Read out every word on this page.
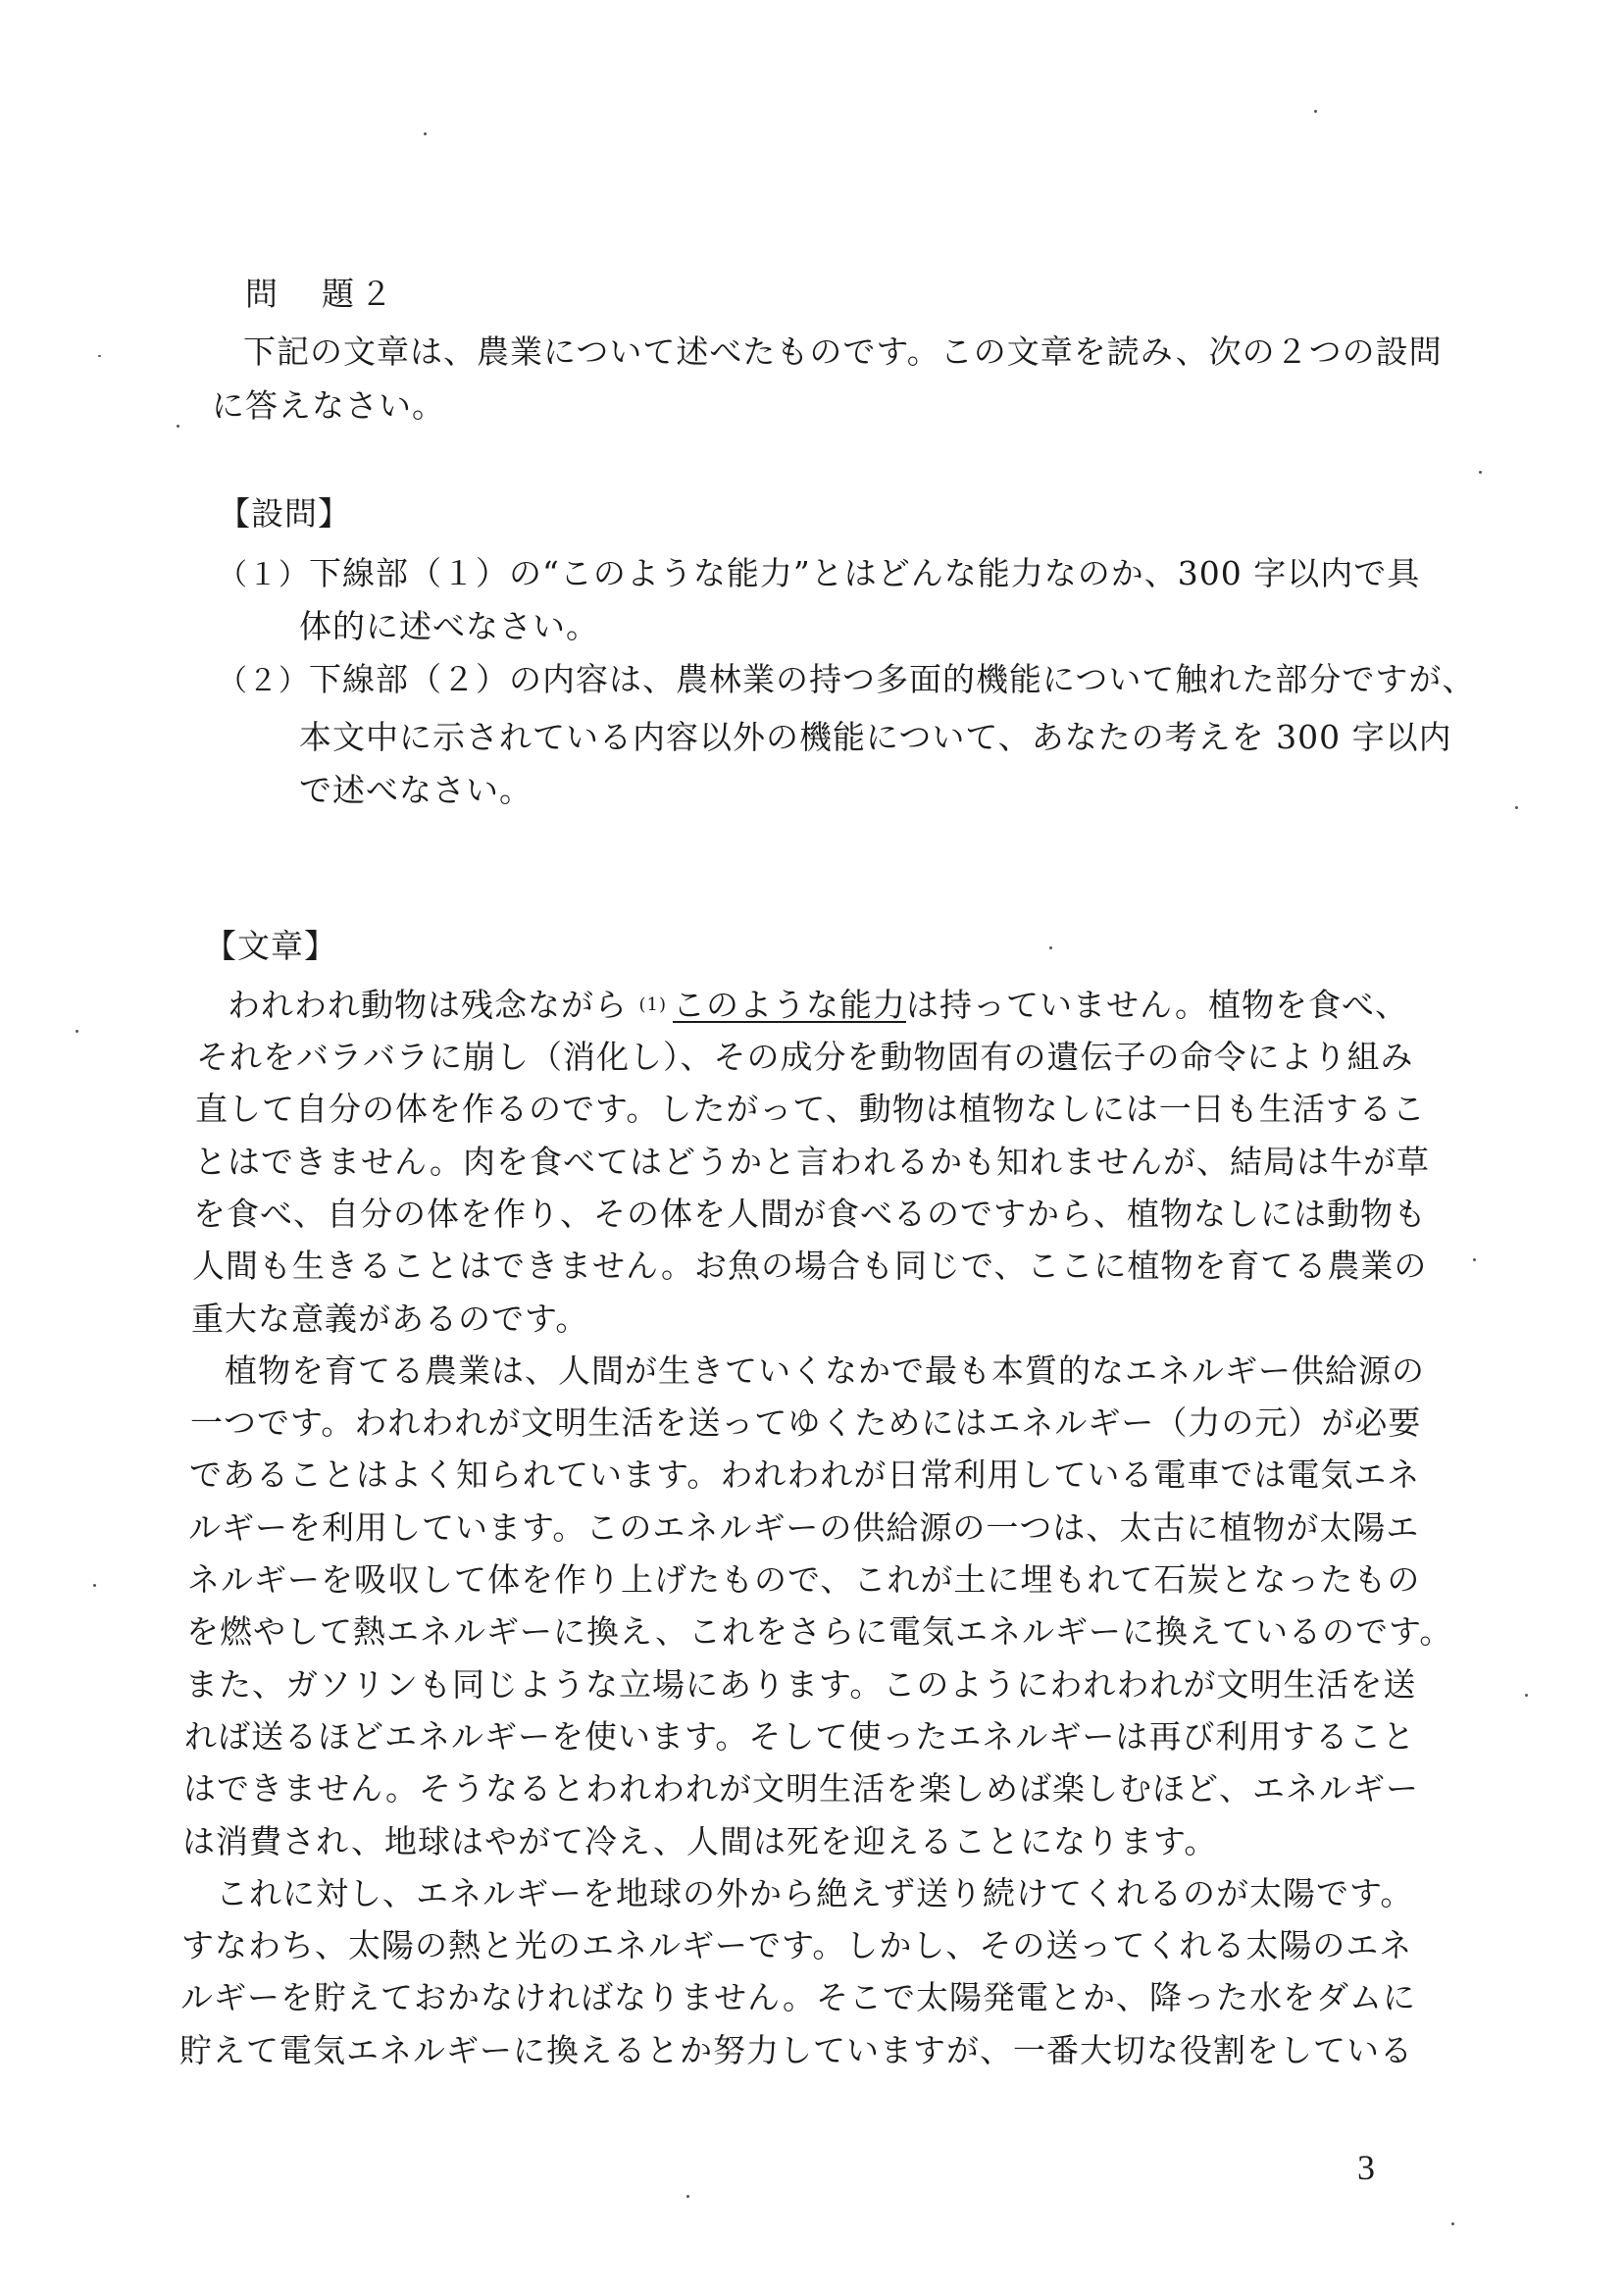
問　題２
下記の文章は、農業について述べたものです。この文章を読み、次の２つの設問
に答えなさい。
【設問】
（１）下線部（１）の“このような能力”とはどんな能力なのか、300 字以内で具
体的に述べなさい。
（２）下線部（２）の内容は、農林業の持つ多面的機能について触れた部分ですが、
本文中に示されている内容以外の機能について、あなたの考えを 300 字以内
で述べなさい。
【文章】
われわれ動物は残念ながら (1) このような能力は持っていません。植物を食べ、
それをバラバラに崩し（消化し）、その成分を動物固有の遺伝子の命令により組み
直して自分の体を作るのです。したがって、動物は植物なしには一日も生活するこ
とはできません。肉を食べてはどうかと言われるかも知れませんが、結局は牛が草
を食べ、自分の体を作り、その体を人間が食べるのですから、植物なしには動物も
人間も生きることはできません。お魚の場合も同じで、ここに植物を育てる農業の
重大な意義があるのです。
　植物を育てる農業は、人間が生きていくなかで最も本質的なエネルギー供給源の
一つです。われわれが文明生活を送ってゆくためにはエネルギー（力の元）が必要
であることはよく知られています。われわれが日常利用している電車では電気エネ
ルギーを利用しています。このエネルギーの供給源の一つは、太古に植物が太陽エ
ネルギーを吸収して体を作り上げたもので、これが土に埋もれて石炭となったもの
を燃やして熱エネルギーに換え、これをさらに電気エネルギーに換えているのです。
また、ガソリンも同じような立場にあります。このようにわれわれが文明生活を送
れば送るほどエネルギーを使います。そして使ったエネルギーは再び利用すること
はできません。そうなるとわれわれが文明生活を楽しめば楽しむほど、エネルギー
は消費され、地球はやがて冷え、人間は死を迎えることになります。
　これに対し、エネルギーを地球の外から絶えず送り続けてくれるのが太陽です。
すなわち、太陽の熱と光のエネルギーです。しかし、その送ってくれる太陽のエネ
ルギーを貯えておかなければなりません。そこで太陽発電とか、降った水をダムに
貯えて電気エネルギーに換えるとか努力していますが、一番大切な役割をしている
3
